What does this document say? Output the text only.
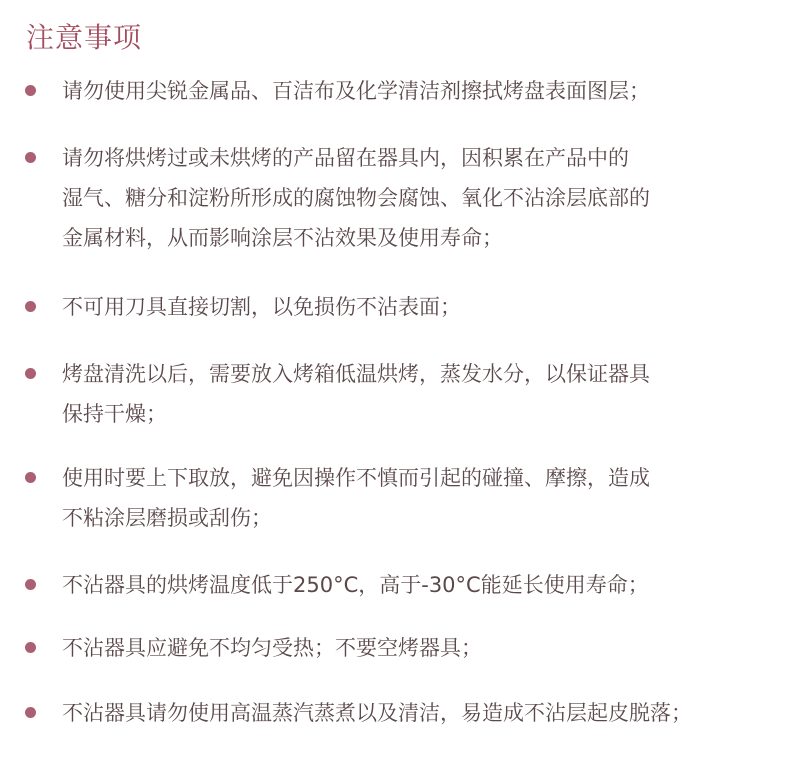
注意事项
请勿使用尖锐金属品、百洁布及化学清洁剂擦拭烤盘表面图层；
请勿将烘烤过或未烘烤的产品留在器具内，因积累在产品中的
湿气、糖分和淀粉所形成的腐蚀物会腐蚀、氧化不沾涂层底部的
金属材料，从而影响涂层不沾效果及使用寿命；
不可用刀具直接切割，以免损伤不沾表面；
烤盘清洗以后，需要放入烤箱低温烘烤，蒸发水分，以保证器具
保持干燥；
使用时要上下取放，避免因操作不慎而引起的碰撞、摩擦，造成
不粘涂层磨损或刮伤；
不沾器具的烘烤温度低于250°C，高于-30°C能延长使用寿命；
不沾器具应避免不均匀受热；不要空烤器具；
不沾器具请勿使用高温蒸汽蒸煮以及清洁，易造成不沾层起皮脱落；
